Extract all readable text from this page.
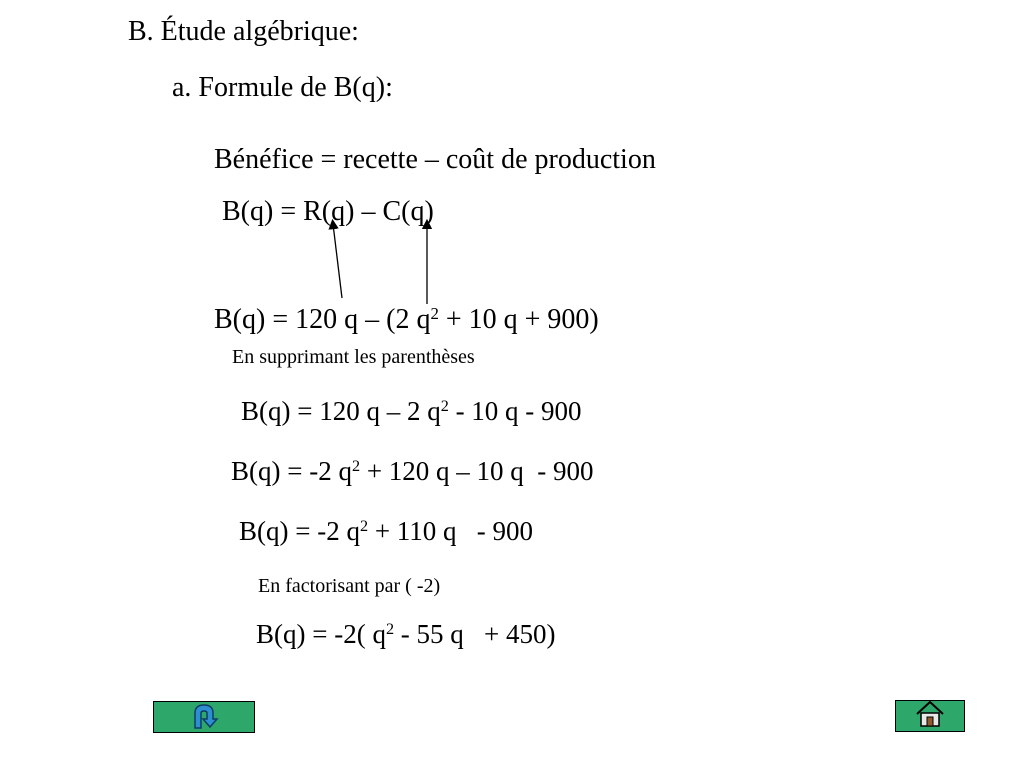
B. Étude algébrique:
a. Formule de B(q):
Bénéfice = recette – coût de production
B(q) = R(q) – C(q)
B(q) = 120 q – (2 $q^2 + 10$ q + 900)
En supprimant les parenthèses
B(q) = 120 q – 2 $q^2 - 10$ q - 900
B(q) = -2 $q^2 + 120$ q – 10 q  - 900
B(q) = -2 $q^2 + 110$ q   - 900
En factorisant par ( -2)
B(q) = -2( $q^2 - 55$ q   + 450)
